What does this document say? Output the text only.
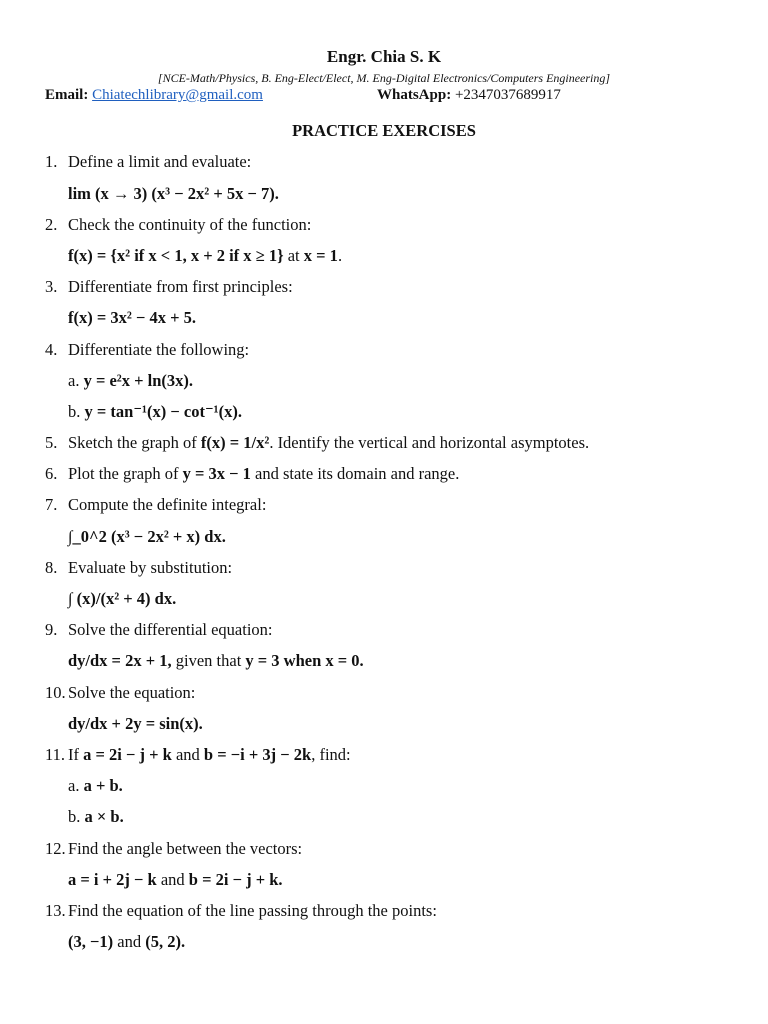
Engr. Chia S. K
[NCE-Math/Physics, B. Eng-Elect/Elect, M. Eng-Digital Electronics/Computers Engineering]
Email: Chiatechlibrary@gmail.com	WhatsApp: +2347037689917
PRACTICE EXERCISES
1. Define a limit and evaluate:
lim (x → 3) (x³ − 2x² + 5x − 7).
2. Check the continuity of the function:
f(x) = {x² if x < 1, x + 2 if x ≥ 1} at x = 1.
3. Differentiate from first principles:
f(x) = 3x² − 4x + 5.
4. Differentiate the following:
a. y = e²x + ln(3x).
b. y = tan⁻¹(x) − cot⁻¹(x).
5. Sketch the graph of f(x) = 1/x². Identify the vertical and horizontal asymptotes.
6. Plot the graph of y = 3x − 1 and state its domain and range.
7. Compute the definite integral:
∫_0^2 (x³ − 2x² + x) dx.
8. Evaluate by substitution:
∫ (x)/(x² + 4) dx.
9. Solve the differential equation:
dy/dx = 2x + 1, given that y = 3 when x = 0.
10. Solve the equation:
dy/dx + 2y = sin(x).
11. If a = 2i − j + k and b = −i + 3j − 2k, find:
a. a + b.
b. a × b.
12. Find the angle between the vectors:
a = i + 2j − k and b = 2i − j + k.
13. Find the equation of the line passing through the points:
(3, −1) and (5, 2).
